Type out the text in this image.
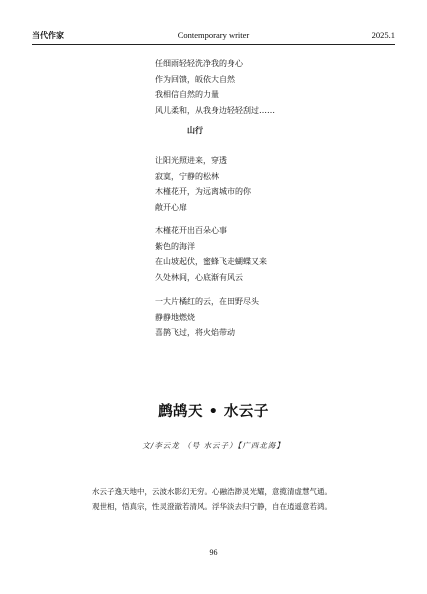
当代作家	Contemporary writer	2025.1
任细雨轻轻洗净我的身心
作为回馈，皈依大自然
我相信自然的力量
风儿柔和，从我身边轻轻刮过……
山行
让阳光照进来，穿透
寂寞，宁静的松林
木槿花开，为远离城市的你
敞开心扉
木槿花开出百朵心事
紫色的海洋
在山坡起伏，蜜蜂飞走蝴蝶又来
久处林间，心底渐有风云
一大片橘红的云，在田野尽头
静静地燃烧
喜鹊飞过，将火焰带动
鹧鸪天 • 水云子
文/李云龙 （号 水云子）【广西北海】
水云子逸天地中，云波水影幻无穷。心融浩渺灵光耀，意揽清虚慧气通。
观世相，悟真宗，性灵澄澈若清风。浮华淡去归宁静，自在逍遥意若鸿。
96
